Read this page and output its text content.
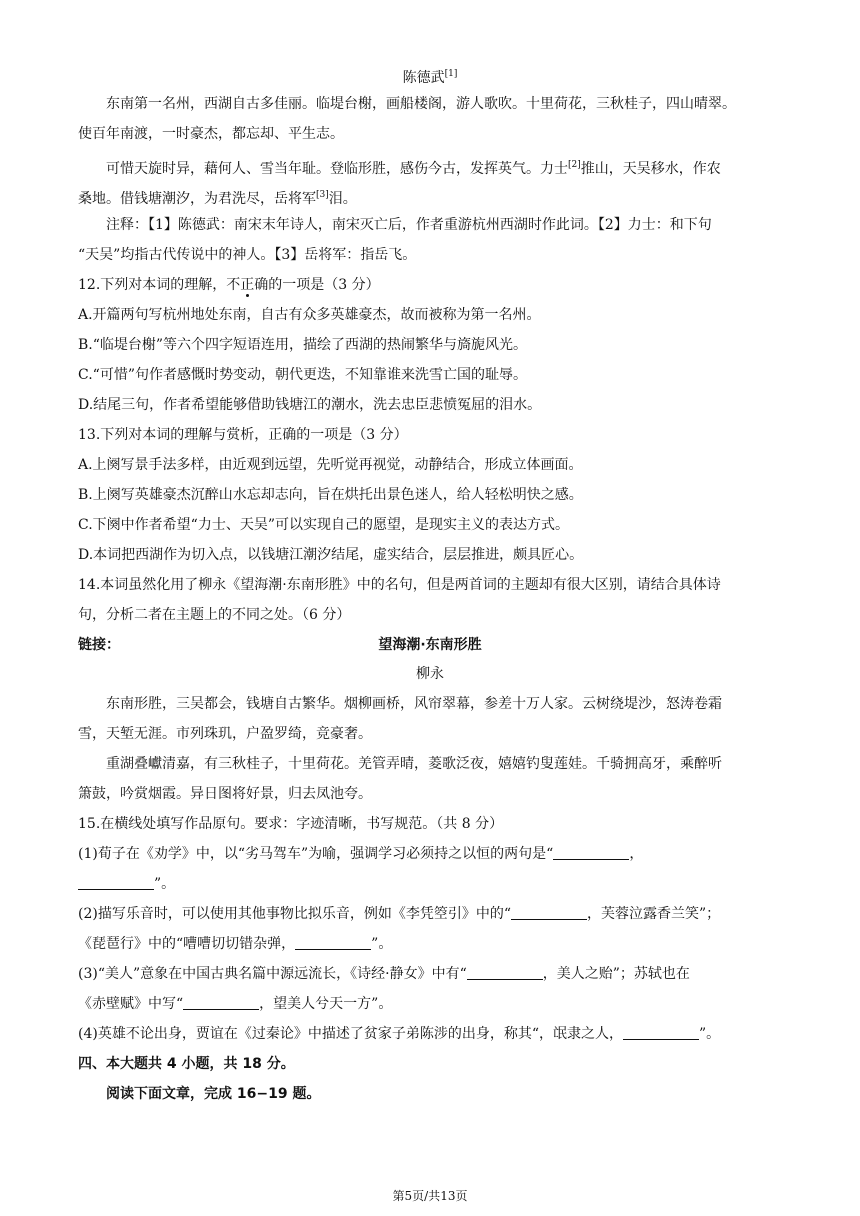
陈德武[1]
东南第一名州，西湖自古多佳丽。临堤台榭，画船楼阁，游人歌吹。十里荷花，三秋桂子，四山晴翠。
使百年南渡，一时豪杰，都忘却、平生志。
可惜天旋时异，藉何人、雪当年耻。登临形胜，感伤今古，发挥英气。力士[2]推山，天吴移水，作农
桑地。借钱塘潮汐，为君洗尽，岳将军[3]泪。
注释：【1】陈德武：南宋末年诗人，南宋灭亡后，作者重游杭州西湖时作此词。【2】力士：和下句
“天吴”均指古代传说中的神人。【3】岳将军：指岳飞。
12.下列对本词的理解，不正确的一项是（3 分）
A.开篇两句写杭州地处东南，自古有众多英雄豪杰，故而被称为第一名州。
B.“临堤台榭”等六个四字短语连用，描绘了西湖的热闹繁华与旖旎风光。
C.“可惜”句作者感慨时势变动，朝代更迭，不知靠谁来洗雪亡国的耻辱。
D.结尾三句，作者希望能够借助钱塘江的潮水，洗去忠臣悲愤冤屈的泪水。
13.下列对本词的理解与赏析，正确的一项是（3 分）
A.上阕写景手法多样，由近观到远望，先听觉再视觉，动静结合，形成立体画面。
B.上阕写英雄豪杰沉醉山水忘却志向，旨在烘托出景色迷人，给人轻松明快之感。
C.下阕中作者希望“力士、天吴”可以实现自己的愿望，是现实主义的表达方式。
D.本词把西湖作为切入点，以钱塘江潮汐结尾，虚实结合，层层推进，颇具匠心。
14.本词虽然化用了柳永《望海潮·东南形胜》中的名句，但是两首词的主题却有很大区别，请结合具体诗
句，分析二者在主题上的不同之处。（6 分）
链接：	望海潮·东南形胜
柳永
东南形胜，三吴都会，钱塘自古繁华。烟柳画桥，风帘翠幕，参差十万人家。云树绕堤沙，怒涛卷霜
雪，天堑无涯。市列珠玑，户盈罗绮，竞豪奢。
重湖叠巘清嘉，有三秋桂子，十里荷花。羌管弄晴，菱歌泛夜，嬉嬉钓叟莲娃。千骑拥高牙，乘醉听
箫鼓，吟赏烟霞。异日图将好景，归去凤池夸。
15.在横线处填写作品原句。要求：字迹清晰，书写规范。（共 8 分）
(1)荀子在《劝学》中，以“劣马驾车”为喻，强调学习必须持之以恒的两句是“	，
”。
(2)描写乐音时，可以使用其他事物比拟乐音，例如《李凭箜引》中的“	，芙蓉泣露香兰笑”；
《琵琶行》中的“嘈嘈切切错杂弹，	”。
(3)“美人”意象在中国古典名篇中源远流长，《诗经·静女》中有“	，美人之贻”；苏轼也在
《赤壁赋》中写“	，望美人兮天一方”。
(4)英雄不论出身，贾谊在《过秦论》中描述了贫家子弟陈涉的出身，称其“，氓隶之人，	”。
四、本大题共 4 小题，共 18 分。
阅读下面文章，完成 16−19 题。
第5页/共13页
